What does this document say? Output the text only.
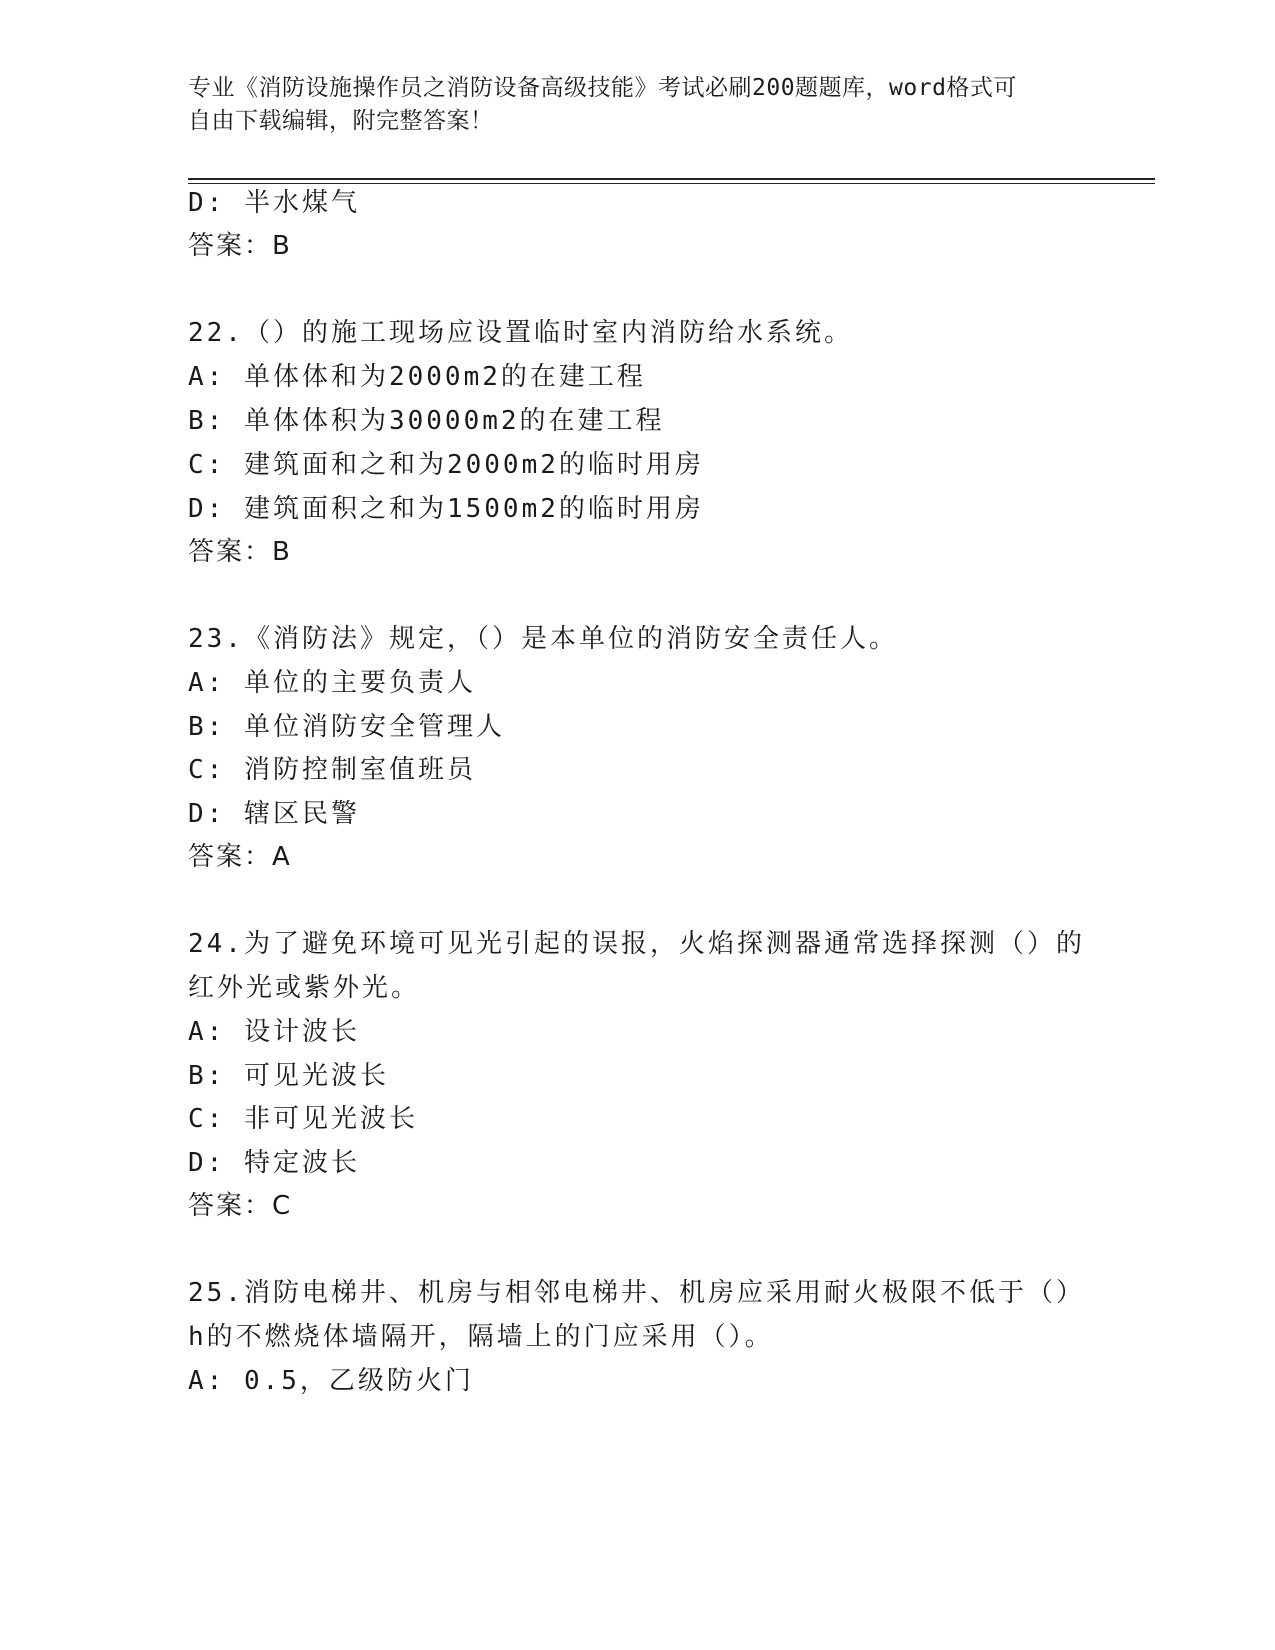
专业《消防设施操作员之消防设备高级技能》考试必刷200题题库，word格式可
自由下载编辑，附完整答案！
D: 半水煤气
答案：B
22.（）的施工现场应设置临时室内消防给水系统。
A: 单体体和为2000m2的在建工程
B: 单体体积为30000m2的在建工程
C: 建筑面和之和为2000m2的临时用房
D: 建筑面积之和为1500m2的临时用房
答案：B
23.《消防法》规定，（）是本单位的消防安全责任人。
A: 单位的主要负责人
B: 单位消防安全管理人
C: 消防控制室值班员
D: 辖区民警
答案：A
24.为了避免环境可见光引起的误报，火焰探测器通常选择探测（）的
红外光或紫外光。
A: 设计波长
B: 可见光波长
C: 非可见光波长
D: 特定波长
答案：C
25.消防电梯井、机房与相邻电梯井、机房应采用耐火极限不低于（）
h的不燃烧体墙隔开，隔墙上的门应采用（）。
A: 0.5，乙级防火门
